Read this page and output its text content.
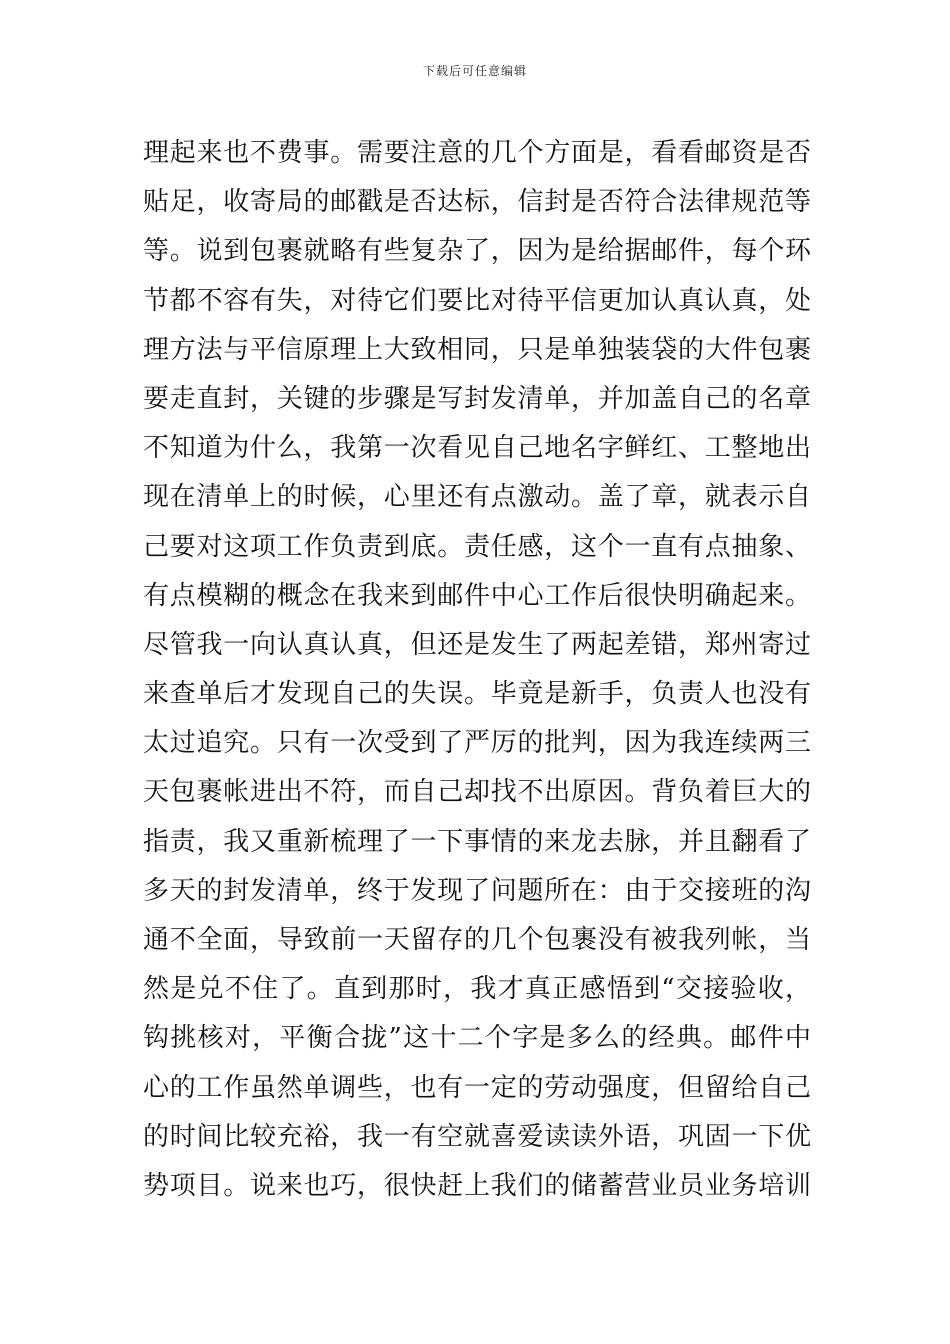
下载后可任意编辑
理起来也不费事。需要注意的几个方面是，看看邮资是否
贴足，收寄局的邮戳是否达标，信封是否符合法律规范等
等。说到包裹就略有些复杂了，因为是给据邮件，每个环
节都不容有失，对待它们要比对待平信更加认真认真，处
理方法与平信原理上大致相同，只是单独装袋的大件包裹
要走直封，关键的步骤是写封发清单，并加盖自己的名章
不知道为什么，我第一次看见自己地名字鲜红、工整地出
现在清单上的时候，心里还有点激动。盖了章，就表示自
己要对这项工作负责到底。责任感，这个一直有点抽象、
有点模糊的概念在我来到邮件中心工作后很快明确起来。
尽管我一向认真认真，但还是发生了两起差错，郑州寄过
来查单后才发现自己的失误。毕竟是新手，负责人也没有
太过追究。只有一次受到了严厉的批判，因为我连续两三
天包裹帐进出不符，而自己却找不出原因。背负着巨大的
指责，我又重新梳理了一下事情的来龙去脉，并且翻看了
多天的封发清单，终于发现了问题所在：由于交接班的沟
通不全面，导致前一天留存的几个包裹没有被我列帐，当
然是兑不住了。直到那时，我才真正感悟到“交接验收，
钩挑核对，平衡合拢”这十二个字是多么的经典。邮件中
心的工作虽然单调些，也有一定的劳动强度，但留给自己
的时间比较充裕，我一有空就喜爱读读外语，巩固一下优
势项目。说来也巧，很快赶上我们的储蓄营业员业务培训
